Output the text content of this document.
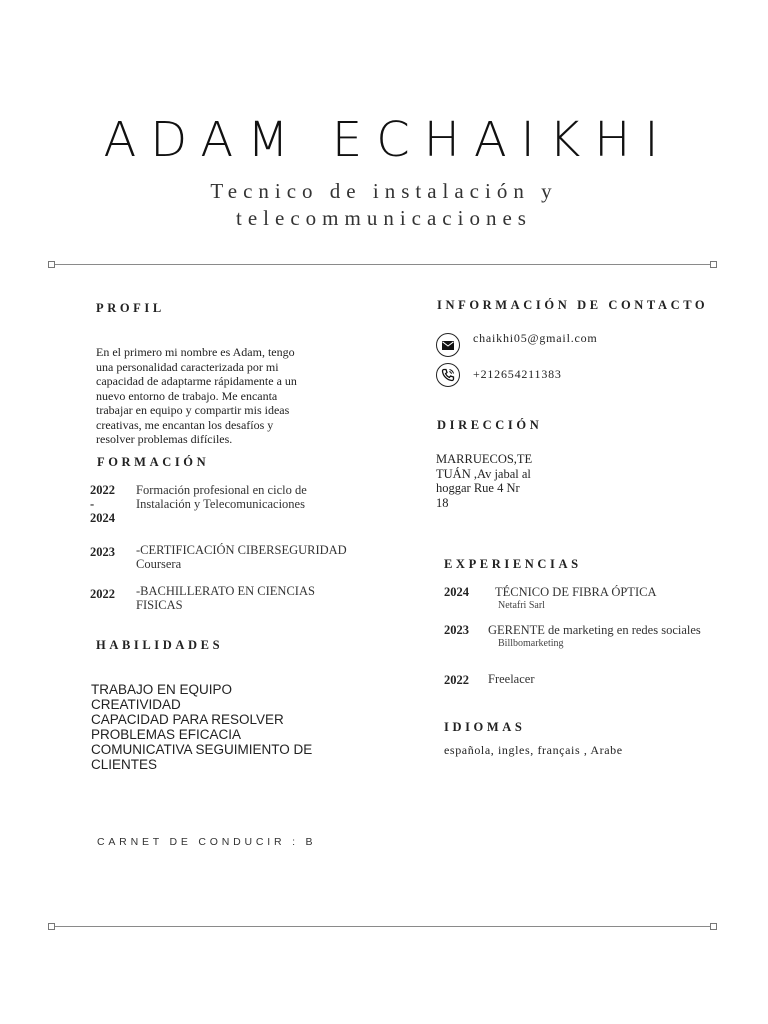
ADAM ECHAIKHI
Tecnico de instalación y
telecommunicaciones
PROFIL
En el primero mi nombre es Adam, tengo
una personalidad caracterizada por mi
capacidad de adaptarme rápidamente a un
nuevo entorno de trabajo. Me encanta
trabajar en equipo y compartir mis ideas
creativas, me encantan los desafíos y
resolver problemas difíciles.
FORMACIÓN
2022
-
2024
Formación profesional en ciclo de
Instalación y Telecomunicaciones
2023 -CERTIFICACIÓN CIBERSEGURIDAD
Coursera
2022 -BACHILLERATO EN CIENCIAS
FISICAS
HABILIDADES
TRABAJO EN EQUIPO
CREATIVIDAD
CAPACIDAD PARA RESOLVER
PROBLEMAS EFICACIA
COMUNICATIVA SEGUIMIENTO DE
CLIENTES
CARNET DE CONDUCIR : B
INFORMACIÓN DE CONTACTO
chaikhi05@gmail.com
+212654211383
DIRECCIÓN
MARRUECOS,TE
TUÁN ,Av jabal al
hoggar Rue 4 Nr
18
EXPERIENCIAS
2024 TÉCNICO DE FIBRA ÓPTICA
Netafri Sarl
2023 GERENTE de marketing en redes sociales
Billbomarketing
2022 Freelacer
IDIOMAS
española, ingles, français , Arabe
